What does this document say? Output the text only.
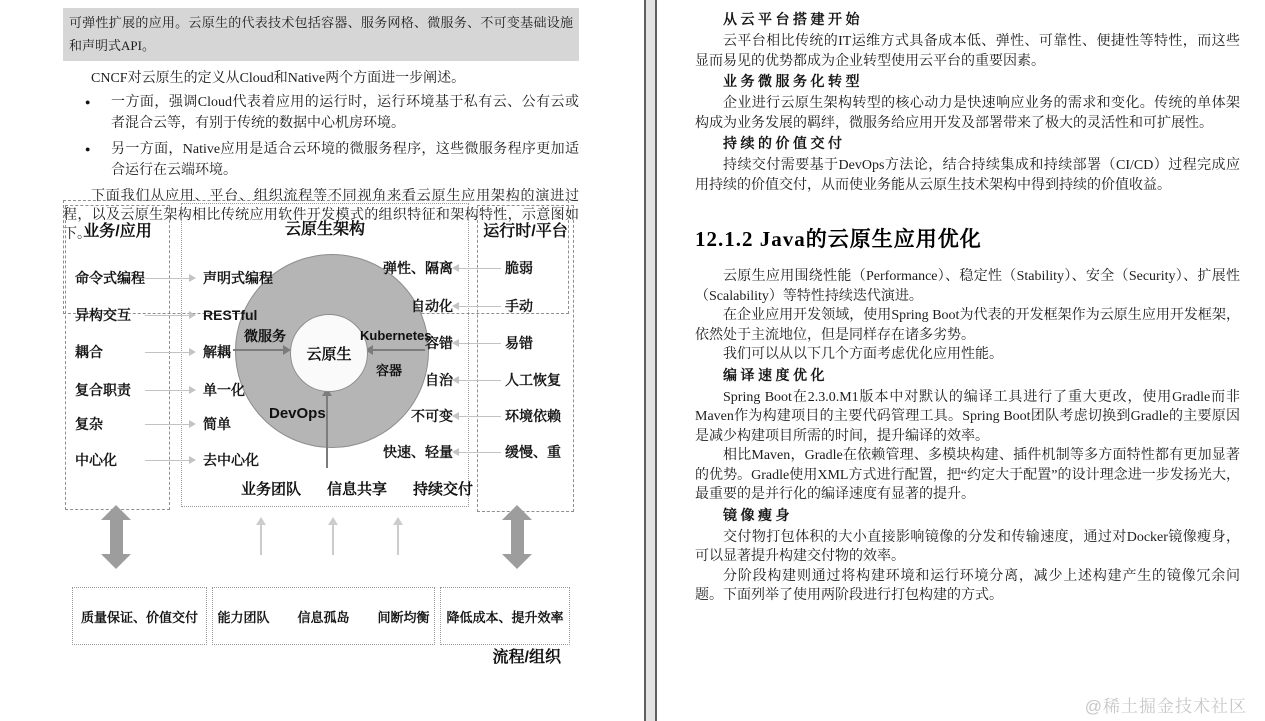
可弹性扩展的应用。云原生的代表技术包括容器、服务网格、微服务、不可变基础设施和声明式API。

CNCF对云原生的定义从Cloud和Native两个方面进一步阐述。

●	一方面，强调Cloud代表着应用的运行时，运行环境基于私有云、公有云或者混合云等，有别于传统的数据中心机房环境。

●	另一方面，Native应用是适合云环境的微服务程序，这些微服务程序更加适合运行在云端环境。

下面我们从应用、平台、组织流程等不同视角来看云原生应用架构的演进过程，以及云原生架构相比传统应用软件开发模式的组织特征和架构特性，示意图如下。

业务/应用	云原生架构	运行时/平台
云原生
微服务	Kubernetes
容器
DevOps
命令式编程	声明式编程
异构交互	RESTful
耦合	解耦
复合职责	单一化
复杂	简单
中心化	去中心化
弹性、隔离	脆弱
自动化	手动
容错	易错
自治	人工恢复
不可变	环境依赖
快速、轻量	缓慢、重
业务团队 信息共享 持续交付
流程/组织
质量保证、价值交付	能力团队 信息孤岛 间断均衡	降低成本、提升效率
从云平台搭建开始

云平台相比传统的IT运维方式具备成本低、弹性、可靠性、便捷性等特性，而这些显而易见的优势都成为企业转型使用云平台的重要因素。

业务微服务化转型

企业进行云原生架构转型的核心动力是快速响应业务的需求和变化。传统的单体架构成为业务发展的羁绊，微服务给应用开发及部署带来了极大的灵活性和可扩展性。

持续的价值交付

持续交付需要基于DevOps方法论，结合持续集成和持续部署（CI/CD）过程完成应用持续的价值交付，从而使业务能从云原生技术架构中得到持续的价值收益。

12.1.2 Java的云原生应用优化

云原生应用围绕性能（Performance）、稳定性（Stability）、安全（Security）、扩展性（Scalability）等特性持续迭代演进。

在企业应用开发领域，使用Spring Boot为代表的开发框架作为云原生应用开发框架，依然处于主流地位，但是同样存在诸多劣势。

我们可以从以下几个方面考虑优化应用性能。

编译速度优化

Spring Boot在2.3.0.M1版本中对默认的编译工具进行了重大更改，使用Gradle而非Maven作为构建项目的主要代码管理工具。Spring Boot团队考虑切换到Gradle的主要原因是减少构建项目所需的时间，提升编译的效率。

相比Maven，Gradle在依赖管理、多模块构建、插件机制等多方面特性都有更加显著的优势。Gradle使用XML方式进行配置，把“约定大于配置”的设计理念进一步发扬光大，最重要的是并行化的编译速度有显著的提升。

镜像瘦身

交付物打包体积的大小直接影响镜像的分发和传输速度，通过对Docker镜像瘦身，可以显著提升构建交付物的效率。

分阶段构建则通过将构建环境和运行环境分离，减少上述构建产生的镜像冗余问题。下面列举了使用两阶段进行打包构建的方式。

@稀土掘金技术社区
